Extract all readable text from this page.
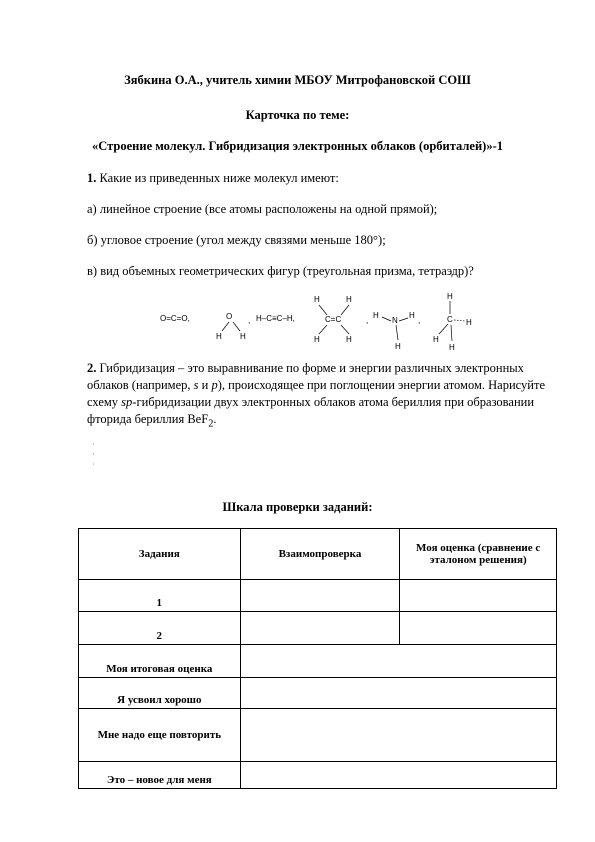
Зябкина О.А., учитель химии МБОУ Митрофановской СОШ
Карточка по теме:
«Строение молекул. Гибридизация электронных облаков (орбиталей)»-1
1. Какие из приведенных ниже молекул имеют:
а) линейное строение (все атомы расположены на одной прямой);
б) угловое строение (угол между связями меньше 180°);
в) вид объемных геометрических фигур (треугольная призма, тетраэдр)?
O=C=O,	O
H H
, H–C≡C–H,
H	H
C=C
H	H
,	N
H	H
H
,
H
C
H
H
H
2. Гибридизация – это выравнивание по форме и энергии различных электронных облаков (например, s и p), происходящее при поглощении энергии атомом. Нарисуйте схему sp-гибридизации двух электронных облаков атома бериллия при образовании фторида бериллия BeF$_2$.
·
·
·
Шкала проверки заданий:
Задания	Взаимопроверка	Моя оценка (сравнение с эталоном решения)
1		
2		
Моя итоговая оценка		
Я усвоил хорошо		
Мне надо еще повторить		
Это – новое для меня		
